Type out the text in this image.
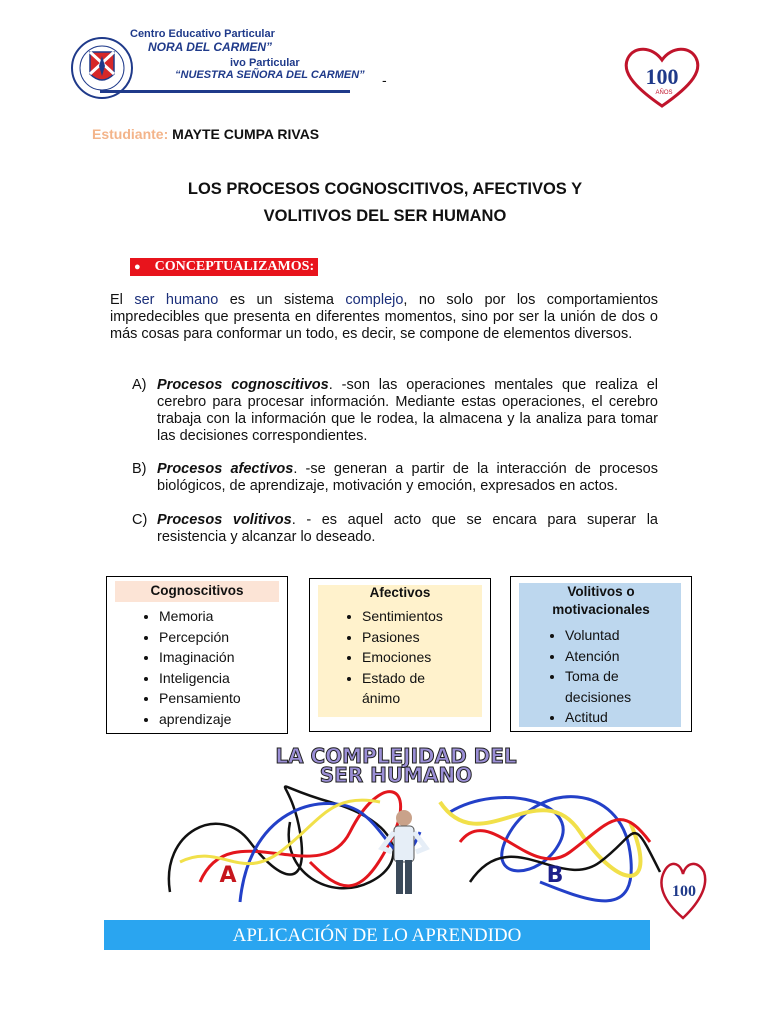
Centro Educativo Particular
NORA DEL CARMEN”
ivo Particular
“NUESTRA SEÑORA DEL CARMEN” -	100
AÑOS
Estudiante: MAYTE CUMPA RIVAS
LOS PROCESOS COGNOSCITIVOS, AFECTIVOS Y
VOLITIVOS DEL SER HUMANO
● CONCEPTUALIZAMOS:
El ser humano es un sistema complejo, no solo por los comportamientos impredecibles que presenta en diferentes momentos, sino por ser la unión de dos o más cosas para conformar un todo, es decir, se compone de elementos diversos.
A) Procesos cognoscitivos. -son las operaciones mentales que realiza el cerebro para procesar información. Mediante estas operaciones, el cerebro trabaja con la información que le rodea, la almacena y la analiza para tomar las decisiones correspondientes.
B) Procesos afectivos. -se generan a partir de la interacción de procesos biológicos, de aprendizaje, motivación y emoción, expresados en actos.
C) Procesos volitivos. - es aquel acto que se encara para superar la resistencia y alcanzar lo deseado.
Cognoscitivos
• Memoria
• Percepción
• Imaginación
• Inteligencia
• Pensamiento
• aprendizaje
Afectivos
• Sentimientos
• Pasiones
• Emociones
• Estado de ánimo
Volitivos o motivacionales
• Voluntad
• Atención
• Toma de decisiones
• Actitud
LA COMPLEJIDAD DEL
SER HUMANO
A	B
100
APLICACIÓN DE LO APRENDIDO
